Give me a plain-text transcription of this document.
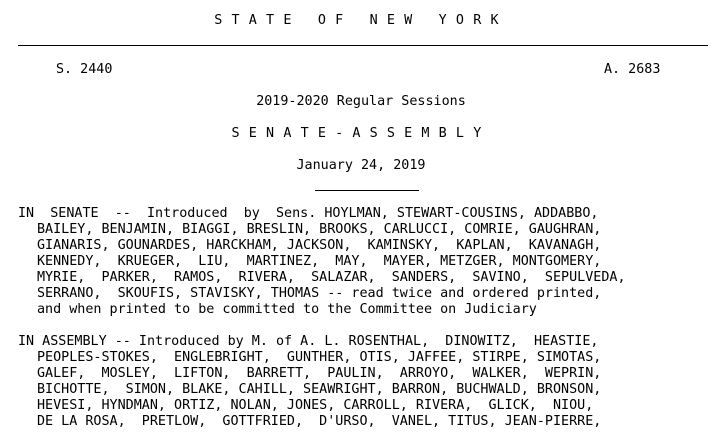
STATE OF NEW YORK
S. 2440	A. 2683
2019-2020 Regular Sessions
SENATE-ASSEMBLY
January 24, 2019
IN  SENATE  --  Introduced  by  Sens. HOYLMAN, STEWART-COUSINS, ADDABBO,
BAILEY, BENJAMIN, BIAGGI, BRESLIN, BROOKS, CARLUCCI, COMRIE, GAUGHRAN,
GIANARIS, GOUNARDES, HARCKHAM, JACKSON,  KAMINSKY,  KAPLAN,  KAVANAGH,
KENNEDY,  KRUEGER,  LIU,  MARTINEZ,  MAY,  MAYER, METZGER, MONTGOMERY,
MYRIE,  PARKER,  RAMOS,  RIVERA,  SALAZAR,  SANDERS,  SAVINO,  SEPULVEDA,
SERRANO,  SKOUFIS, STAVISKY, THOMAS -- read twice and ordered printed,
and when printed to be committed to the Committee on Judiciary
IN ASSEMBLY -- Introduced by M. of A. L. ROSENTHAL,  DINOWITZ,  HEASTIE,
PEOPLES-STOKES,  ENGLEBRIGHT,  GUNTHER, OTIS, JAFFEE, STIRPE, SIMOTAS,
GALEF,  MOSLEY,  LIFTON,  BARRETT,  PAULIN,  ARROYO,  WALKER,  WEPRIN,
BICHOTTE,  SIMON, BLAKE, CAHILL, SEAWRIGHT, BARRON, BUCHWALD, BRONSON,
HEVESI, HYNDMAN, ORTIZ, NOLAN, JONES, CARROLL, RIVERA,  GLICK,  NIOU,
DE LA ROSA,  PRETLOW,  GOTTFRIED,  D'URSO,  VANEL, TITUS, JEAN-PIERRE,
